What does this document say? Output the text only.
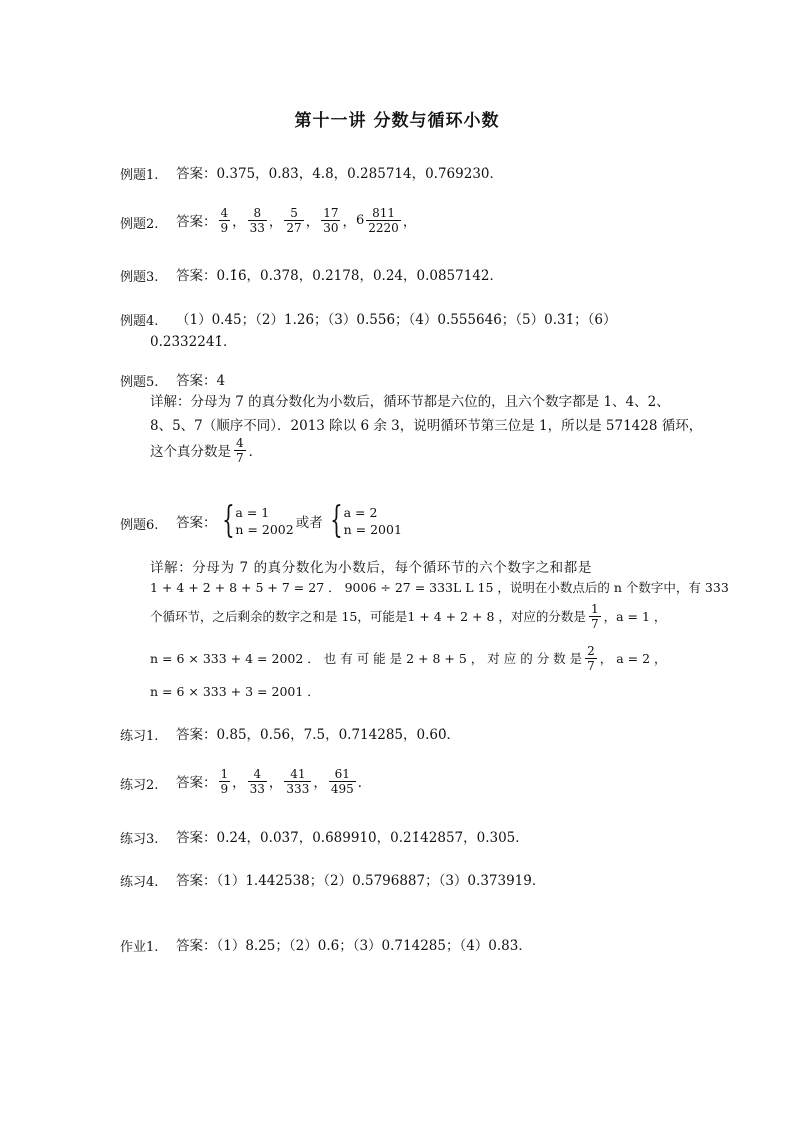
第十一讲 分数与循环小数
例题1. 答案：0.375，0.83̇，4.8̇，0.2̇85714̇，0.7̇69230̇．
例题2. 答案： $\frac{4}{9}$ ， $\frac{8}{33}$ ， $\frac{5}{27}$ ， $\frac{17}{30}$ ， $6 \frac{811}{2220}$ ，
例题3. 答案：0.1̇6̇，0.3̇78̇，0.2̇178̇，0.2̇4̇，0.08̇57142̇．
例题4. （1）0.4̇5̇；（2）1.2̇6̇；（3）0.55̇6̇；（4）0.55564̇6̇；（5）0.3̇1̇；（6）
0.23̇3224̇1̇．
例题5. 答案：4
详解：分母为 7 的真分数化为小数后，循环节都是六位的，且六个数字都是 1、4、2、
8、5、7（顺序不同）．2013 除以 6 余 3，说明循环节第三位是 1，所以是 571428 循环，
这个真分数是 $\frac{4}{7}$ ．
例题6. 答案： { a = 1
n = 2002 或者 { a = 2
n = 2001
详解：分母为 7 的真分数化为小数后，每个循环节的六个数字之和都是
1 + 4 + 2 + 8 + 5 + 7 = 27 ． 9006 ÷ 27 = 333L L 15 ，说明在小数点后的 n 个数字中，有 333
个循环节，之后剩余的数字之和是 15，可能是1 + 4 + 2 + 8 ，对应的分数是 $\frac{1}{7}$ ，a = 1 ，
n = 6 × 333 + 4 = 2002 ． 也 有 可 能 是 2 + 8 + 5 ， 对 应 的 分 数 是 $\frac{2}{7}$ ， a = 2 ，
n = 6 × 333 + 3 = 2001 ．
练习1. 答案：0.85，0.56，7.5̇，0.7̇14285̇，0.60̇．
练习2. 答案： $\frac{1}{9}$ ， $\frac{4}{33}$ ， $\frac{41}{333}$ ， $\frac{61}{495}$ ．
练习3. 答案：0.2̇4̇，0.03̇7̇，0.6̇89910̇，0.21̇42857̇，0.305̇．
练习4. 答案：（1）1.4̇42538̇；（2）0.5̇796887̇；（3）0.3̇73919̇．
作业1. 答案：（1）8.25；（2）0.6̇；（3）0.7̇14285̇；（4）0.83̇．
